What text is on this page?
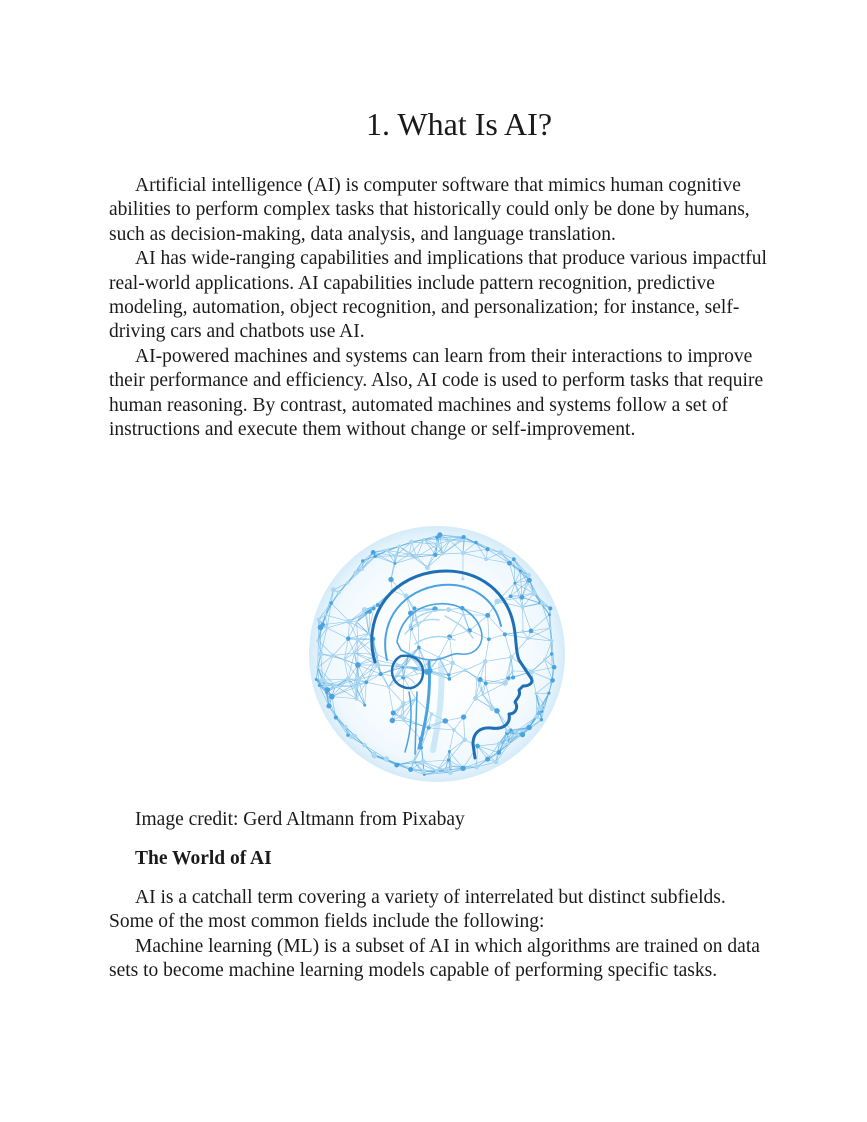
1. What Is AI?

Artificial intelligence (AI) is computer software that mimics human cognitive abilities to perform complex tasks that historically could only be done by humans, such as decision-making, data analysis, and language translation.

AI has wide-ranging capabilities and implications that produce various impactful real-world applications. AI capabilities include pattern recognition, predictive modeling, automation, object recognition, and personalization; for instance, self-driving cars and chatbots use AI.

AI-powered machines and systems can learn from their interactions to improve their performance and efficiency. Also, AI code is used to perform tasks that require human reasoning. By contrast, automated machines and systems follow a set of instructions and execute them without change or self-improvement.

Image credit: Gerd Altmann from Pixabay

The World of AI

AI is a catchall term covering a variety of interrelated but distinct subfields. Some of the most common fields include the following:

Machine learning (ML) is a subset of AI in which algorithms are trained on data sets to become machine learning models capable of performing specific tasks.
